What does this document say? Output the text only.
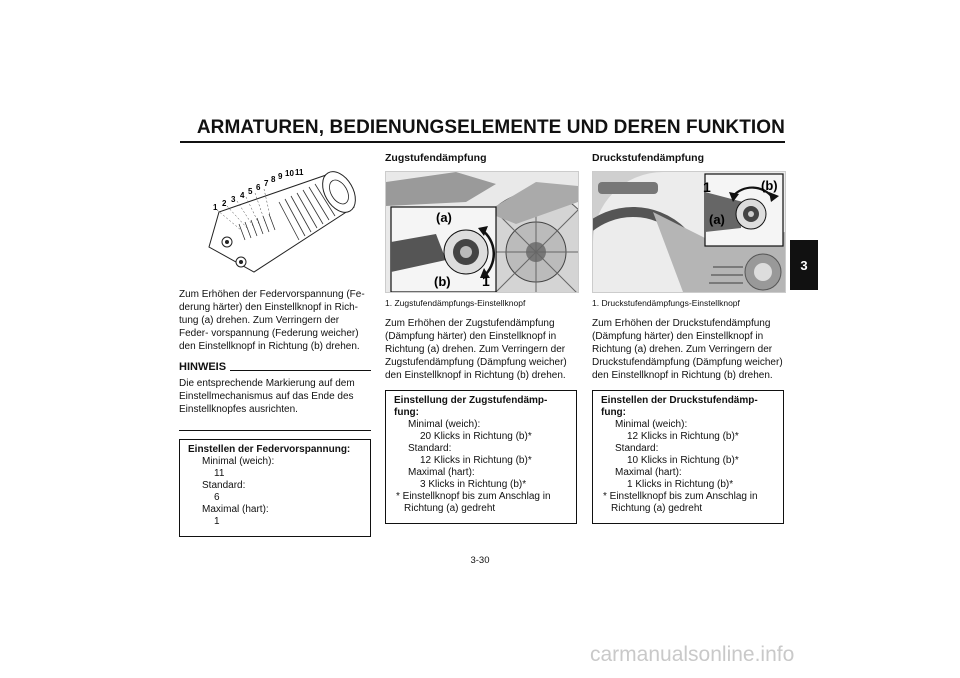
ARMATUREN, BEDIENUNGSELEMENTE UND DEREN FUNKTION
3
1 2 3 4 5 6 7 8 9 10 11

Zum Erhöhen der Federvorspannung (Fe- derung härter) den Einstellknopf in Rich- tung (a) drehen. Zum Verringern der Feder- vorspannung (Federung weicher) den Einstellknopf in Richtung (b) drehen.

HINWEIS

Die entsprechende Markierung auf dem Einstellmechanismus auf das Ende des Einstellknopfes ausrichten.

Einstellen der Federvorspannung:
Minimal (weich):
11
Standard:
6
Maximal (hart):
1
Zugstufendämpfung
(a)
(b) 1
1. Zugstufendämpfungs-Einstellknopf

Zum Erhöhen der Zugstufendämpfung (Dämpfung härter) den Einstellknopf in Richtung (a) drehen. Zum Verringern der Zugstufendämpfung (Dämpfung weicher) den Einstellknopf in Richtung (b) drehen.

Einstellung der Zugstufendämp- fung:
Minimal (weich):
20 Klicks in Richtung (b)*
Standard:
12 Klicks in Richtung (b)*
Maximal (hart):
3 Klicks in Richtung (b)*
* Einstellknopf bis zum Anschlag in Richtung (a) gedreht
Druckstufendämpfung
1	(b)
(a)
1. Druckstufendämpfungs-Einstellknopf

Zum Erhöhen der Druckstufendämpfung (Dämpfung härter) den Einstellknopf in Richtung (a) drehen. Zum Verringern der Druckstufendämpfung (Dämpfung weicher) den Einstellknopf in Richtung (b) drehen.

Einstellen der Druckstufendämp- fung:
Minimal (weich):
12 Klicks in Richtung (b)*
Standard:
10 Klicks in Richtung (b)*
Maximal (hart):
1 Klicks in Richtung (b)*
* Einstellknopf bis zum Anschlag in Richtung (a) gedreht
3-30
carmanualsonline.info
